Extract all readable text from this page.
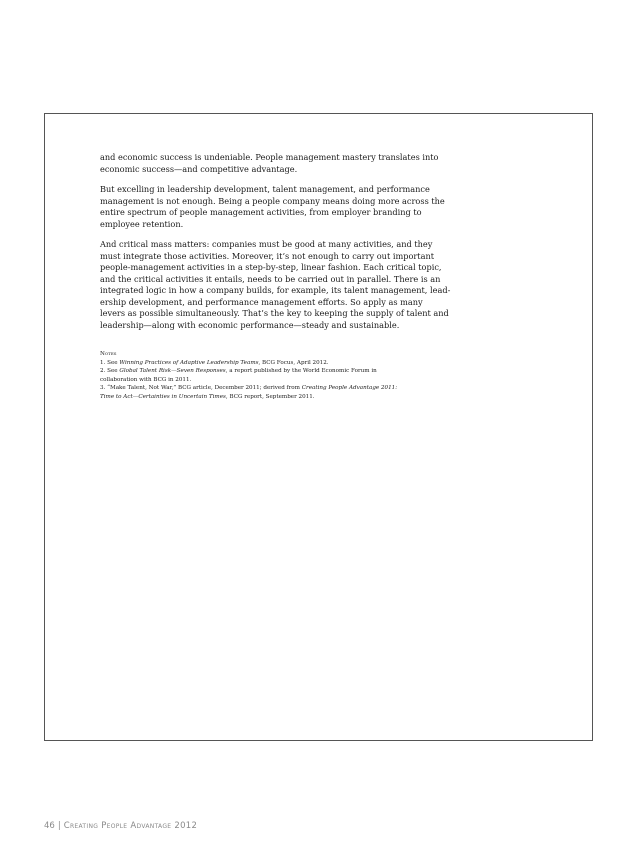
and economic success is undeniable. People management mastery translates into
economic success—and competitive advantage.

But excelling in leadership development, talent management, and performance
management is not enough. Being a people company means doing more across the
entire spectrum of people management activities, from employer branding to
employee retention.

And critical mass matters: companies must be good at many activities, and they
must integrate those activities. Moreover, it’s not enough to carry out important
people-management activities in a step-by-step, linear fashion. Each critical topic,
and the critical activities it entails, needs to be carried out in parallel. There is an
integrated logic in how a company builds, for example, its talent management, lead-
ership development, and performance management efforts. So apply as many
levers as possible simultaneously. That’s the key to keeping the supply of talent and
leadership—along with economic performance—steady and sustainable.

Notes
1. See Winning Practices of Adaptive Leadership Teams, BCG Focus, April 2012.
2. See Global Talent Risk—Seven Responses, a report published by the World Economic Forum in
collaboration with BCG in 2011.
3. “Make Talent, Not War,” BCG article, December 2011; derived from Creating People Advantage 2011:
Time to Act—Certainties in Uncertain Times, BCG report, September 2011.
46 | Creating People Advantage 2012
